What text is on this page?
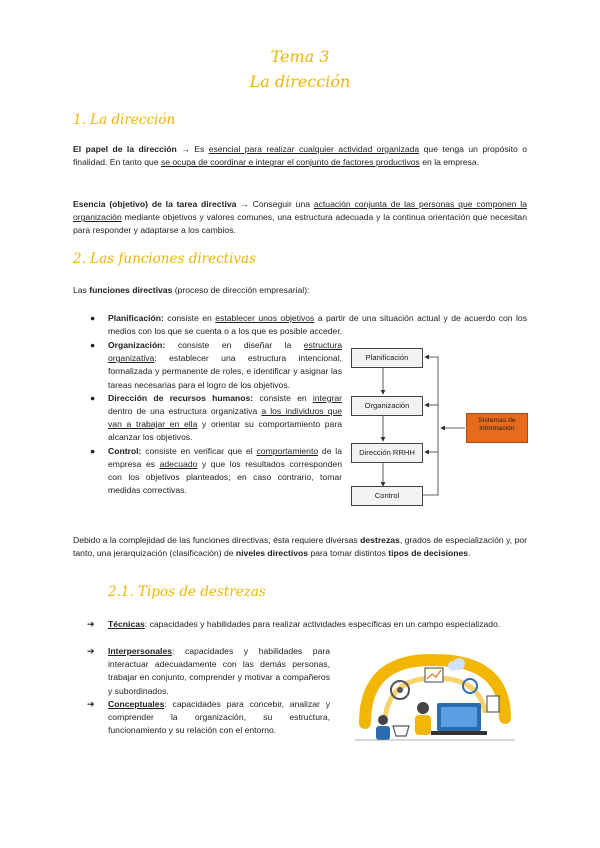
Tema 3
La dirección
1. La dirección
El papel de la dirección → Es esencial para realizar cualquier actividad organizada que tenga un propósito o finalidad. En tanto que se ocupa de coordinar e integrar el conjunto de factores productivos en la empresa.
Esencia (objetivo) de la tarea directiva → Conseguir una actuación conjunta de las personas que componen la organización mediante objetivos y valores comunes, una estructura adecuada y la continua orientación que necesitan para responder y adaptarse a los cambios.
2. Las funciones directivas
Las funciones directivas (proceso de dirección empresarial):
● Planificación: consiste en establecer unos objetivos a partir de una situación actual y de acuerdo con los medios con los que se cuenta o a los que es posible acceder.
● Organización: consiste en diseñar la estructura organizativa: establecer una estructura intencional, formalizada y permanente de roles, e identificar y asignar las tareas necesarias para el logro de los objetivos.
● Dirección de recursos humanos: consiste en integrar dentro de una estructura organizativa a los individuos que van a trabajar en ella y orientar su comportamiento para alcanzar los objetivos.
● Control: consiste en verificar que el comportamiento de la empresa es adecuado y que los resultados corresponden con los objetivos planteados; en caso contrario, tomar medidas correctivas.
Planificación
Organización
Dirección RRHH
Control
Sistemas de información
Debido a la complejidad de las funciones directivas, ésta requiere diversas destrezas, grados de especialización y, por tanto, una jerarquización (clasificación) de niveles directivos para tomar distintos tipos de decisiones.
2.1. Tipos de destrezas
➔ Técnicas: capacidades y habilidades para realizar actividades específicas en un campo especializado.
➔ Interpersonales: capacidades y habilidades para interactuar adecuadamente con las demás personas, trabajar en conjunto, comprender y motivar a compañeros y subordinados.
➔ Conceptuales: capacidades para concebir, analizar y comprender la organización, su estructura, funcionamiento y su relación con el entorno.
